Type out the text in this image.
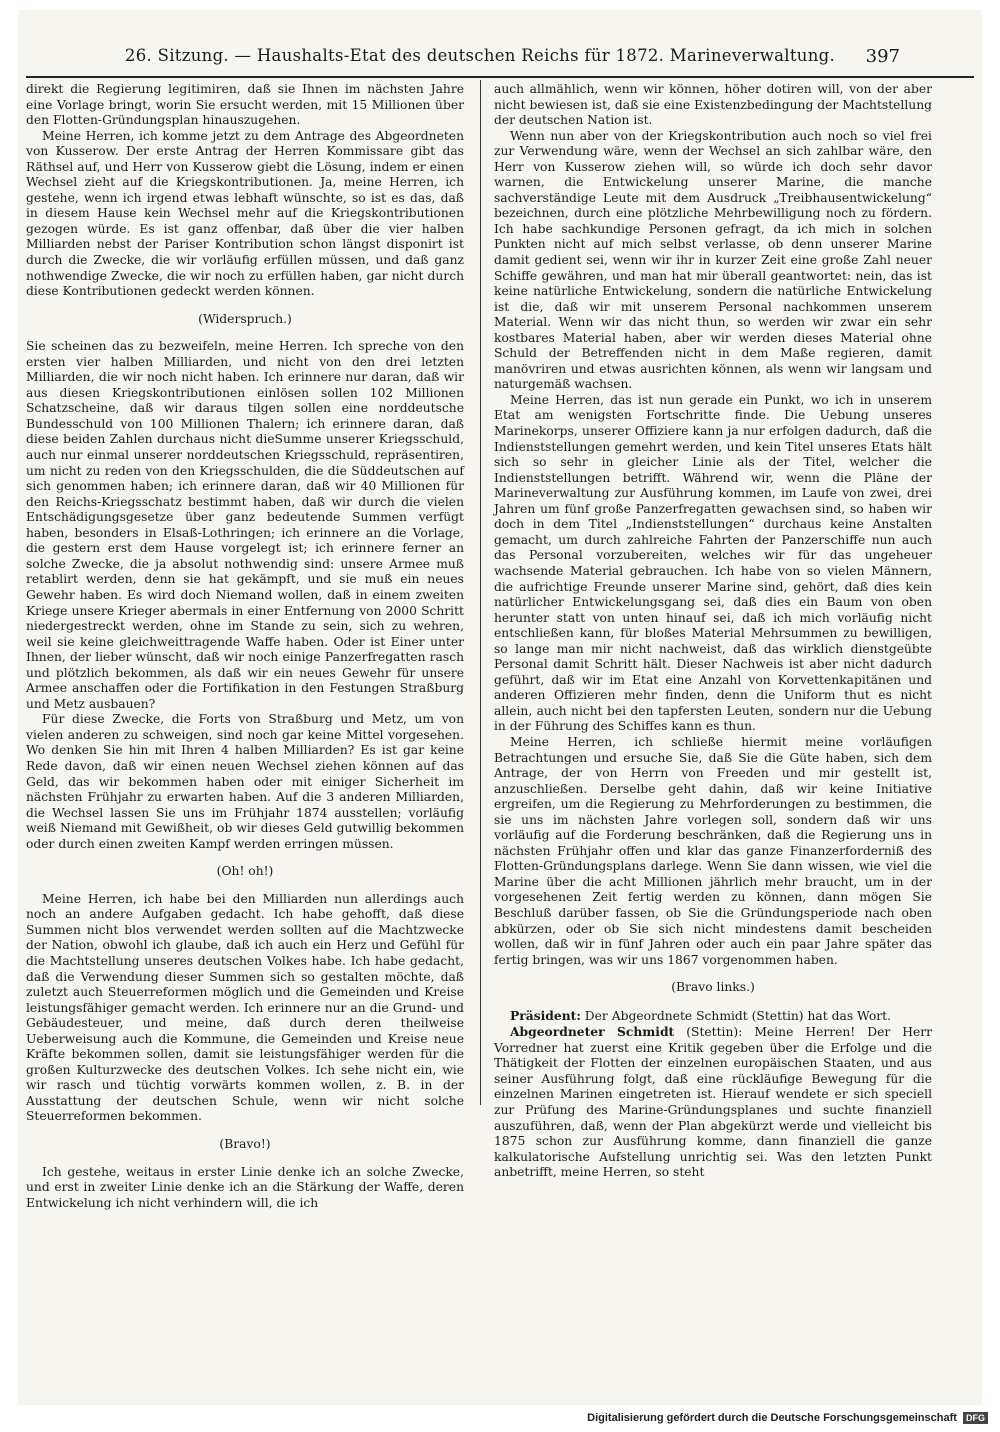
26. Sitzung. — Haushalts-Etat des deutschen Reichs für 1872. Marineverwaltung.	397

direkt die Regierung legitimiren, daß sie Ihnen im nächsten Jahre eine Vorlage bringt, worin Sie ersucht werden, mit 15 Millionen über den Flotten-Gründungsplan hinauszugehen.

Meine Herren, ich komme jetzt zu dem Antrage des Abgeordneten von Kusserow. Der erste Antrag der Herren Kommissare gibt das Räthsel auf, und Herr von Kusserow giebt die Lösung, indem er einen Wechsel zieht auf die Kriegskontributionen. Ja, meine Herren, ich gestehe, wenn ich irgend etwas lebhaft wünschte, so ist es das, daß in diesem Hause kein Wechsel mehr auf die Kriegskontributionen gezogen würde. Es ist ganz offenbar, daß über die vier halben Milliarden nebst der Pariser Kontribution schon längst disponirt ist durch die Zwecke, die wir vorläufig erfüllen müssen, und daß ganz nothwendige Zwecke, die wir noch zu erfüllen haben, gar nicht durch diese Kontributionen gedeckt werden können.

(Widerspruch.)

Sie scheinen das zu bezweifeln, meine Herren. Ich spreche von den ersten vier halben Milliarden, und nicht von den drei letzten Milliarden, die wir noch nicht haben. Ich erinnere nur daran, daß wir aus diesen Kriegskontributionen einlösen sollen 102 Millionen Schatzscheine, daß wir daraus tilgen sollen eine norddeutsche Bundesschuld von 100 Millionen Thalern; ich erinnere daran, daß diese beiden Zahlen durchaus nicht dieSumme unserer Kriegsschuld, auch nur einmal unserer norddeutschen Kriegsschuld, repräsentiren, um nicht zu reden von den Kriegsschulden, die die Süddeutschen auf sich genommen haben; ich erinnere daran, daß wir 40 Millionen für den Reichs-Kriegsschatz bestimmt haben, daß wir durch die vielen Entschädigungsgesetze über ganz bedeutende Summen verfügt haben, besonders in Elsaß-Lothringen; ich erinnere an die Vorlage, die gestern erst dem Hause vorgelegt ist; ich erinnere ferner an solche Zwecke, die ja absolut nothwendig sind: unsere Armee muß retablirt werden, denn sie hat gekämpft, und sie muß ein neues Gewehr haben. Es wird doch Niemand wollen, daß in einem zweiten Kriege unsere Krieger abermals in einer Entfernung von 2000 Schritt niedergestreckt werden, ohne im Stande zu sein, sich zu wehren, weil sie keine gleichweittragende Waffe haben. Oder ist Einer unter Ihnen, der lieber wünscht, daß wir noch einige Panzerfregatten rasch und plötzlich bekommen, als daß wir ein neues Gewehr für unsere Armee anschaffen oder die Fortifikation in den Festungen Straßburg und Metz ausbauen?

Für diese Zwecke, die Forts von Straßburg und Metz, um von vielen anderen zu schweigen, sind noch gar keine Mittel vorgesehen. Wo denken Sie hin mit Ihren 4 halben Milliarden? Es ist gar keine Rede davon, daß wir einen neuen Wechsel ziehen können auf das Geld, das wir bekommen haben oder mit einiger Sicherheit im nächsten Frühjahr zu erwarten haben. Auf die 3 anderen Milliarden, die Wechsel lassen Sie uns im Frühjahr 1874 ausstellen; vorläufig weiß Niemand mit Gewißheit, ob wir dieses Geld gutwillig bekommen oder durch einen zweiten Kampf werden erringen müssen.

(Oh! oh!)

Meine Herren, ich habe bei den Milliarden nun allerdings auch noch an andere Aufgaben gedacht. Ich habe gehofft, daß diese Summen nicht blos verwendet werden sollten auf die Machtzwecke der Nation, obwohl ich glaube, daß ich auch ein Herz und Gefühl für die Machtstellung unseres deutschen Volkes habe. Ich habe gedacht, daß die Verwendung dieser Summen sich so gestalten möchte, daß zuletzt auch Steuerreformen möglich und die Gemeinden und Kreise leistungsfähiger gemacht werden. Ich erinnere nur an die Grund- und Gebäudesteuer, und meine, daß durch deren theilweise Ueberweisung auch die Kommune, die Gemeinden und Kreise neue Kräfte bekommen sollen, damit sie leistungsfähiger werden für die großen Kulturzwecke des deutschen Volkes. Ich sehe nicht ein, wie wir rasch und tüchtig vorwärts kommen wollen, z. B. in der Ausstattung der deutschen Schule, wenn wir nicht solche Steuerreformen bekommen.

(Bravo!)

Ich gestehe, weitaus in erster Linie denke ich an solche Zwecke, und erst in zweiter Linie denke ich an die Stärkung der Waffe, deren Entwickelung ich nicht verhindern will, die ich

auch allmählich, wenn wir können, höher dotiren will, von der aber nicht bewiesen ist, daß sie eine Existenzbedingung der Machtstellung der deutschen Nation ist.

Wenn nun aber von der Kriegskontribution auch noch so viel frei zur Verwendung wäre, wenn der Wechsel an sich zahlbar wäre, den Herr von Kusserow ziehen will, so würde ich doch sehr davor warnen, die Entwickelung unserer Marine, die manche sachverständige Leute mit dem Ausdruck „Treibhausentwickelung“ bezeichnen, durch eine plötzliche Mehrbewilligung noch zu fördern. Ich habe sachkundige Personen gefragt, da ich mich in solchen Punkten nicht auf mich selbst verlasse, ob denn unserer Marine damit gedient sei, wenn wir ihr in kurzer Zeit eine große Zahl neuer Schiffe gewähren, und man hat mir überall geantwortet: nein, das ist keine natürliche Entwickelung, sondern die natürliche Entwickelung ist die, daß wir mit unserem Personal nachkommen unserem Material. Wenn wir das nicht thun, so werden wir zwar ein sehr kostbares Material haben, aber wir werden dieses Material ohne Schuld der Betreffenden nicht in dem Maße regieren, damit manövriren und etwas ausrichten können, als wenn wir langsam und naturgemäß wachsen.

Meine Herren, das ist nun gerade ein Punkt, wo ich in unserem Etat am wenigsten Fortschritte finde. Die Uebung unseres Marinekorps, unserer Offiziere kann ja nur erfolgen dadurch, daß die Indienststellungen gemehrt werden, und kein Titel unseres Etats hält sich so sehr in gleicher Linie als der Titel, welcher die Indienststellungen betrifft. Während wir, wenn die Pläne der Marineverwaltung zur Ausführung kommen, im Laufe von zwei, drei Jahren um fünf große Panzerfregatten gewachsen sind, so haben wir doch in dem Titel „Indienststellungen“ durchaus keine Anstalten gemacht, um durch zahlreiche Fahrten der Panzerschiffe nun auch das Personal vorzubereiten, welches wir für das ungeheuer wachsende Material gebrauchen. Ich habe von so vielen Männern, die aufrichtige Freunde unserer Marine sind, gehört, daß dies kein natürlicher Entwickelungsgang sei, daß dies ein Baum von oben herunter statt von unten hinauf sei, daß ich mich vorläufig nicht entschließen kann, für bloßes Material Mehrsummen zu bewilligen, so lange man mir nicht nachweist, daß das wirklich dienstgeübte Personal damit Schritt hält. Dieser Nachweis ist aber nicht dadurch geführt, daß wir im Etat eine Anzahl von Korvettenkapitänen und anderen Offizieren mehr finden, denn die Uniform thut es nicht allein, auch nicht bei den tapfersten Leuten, sondern nur die Uebung in der Führung des Schiffes kann es thun.

Meine Herren, ich schließe hiermit meine vorläufigen Betrachtungen und ersuche Sie, daß Sie die Güte haben, sich dem Antrage, der von Herrn von Freeden und mir gestellt ist, anzuschließen. Derselbe geht dahin, daß wir keine Initiative ergreifen, um die Regierung zu Mehrforderungen zu bestimmen, die sie uns im nächsten Jahre vorlegen soll, sondern daß wir uns vorläufig auf die Forderung beschränken, daß die Regierung uns in nächsten Frühjahr offen und klar das ganze Finanzerforderniß des Flotten-Gründungsplans darlege. Wenn Sie dann wissen, wie viel die Marine über die acht Millionen jährlich mehr braucht, um in der vorgesehenen Zeit fertig werden zu können, dann mögen Sie Beschluß darüber fassen, ob Sie die Gründungsperiode nach oben abkürzen, oder ob Sie sich nicht mindestens damit bescheiden wollen, daß wir in fünf Jahren oder auch ein paar Jahre später das fertig bringen, was wir uns 1867 vorgenommen haben.

(Bravo links.)

Präsident: Der Abgeordnete Schmidt (Stettin) hat das Wort.

Abgeordneter Schmidt (Stettin): Meine Herren! Der Herr Vorredner hat zuerst eine Kritik gegeben über die Erfolge und die Thätigkeit der Flotten der einzelnen europäischen Staaten, und aus seiner Ausführung folgt, daß eine rückläufige Bewegung für die einzelnen Marinen eingetreten ist. Hierauf wendete er sich speciell zur Prüfung des Marine-Gründungsplanes und suchte finanziell auszuführen, daß, wenn der Plan abgekürzt werde und vielleicht bis 1875 schon zur Ausführung komme, dann finanziell die ganze kalkulatorische Aufstellung unrichtig sei. Was den letzten Punkt anbetrifft, meine Herren, so steht

Digitalisierung gefördert durch die Deutsche Forschungsgemeinschaft DFG
